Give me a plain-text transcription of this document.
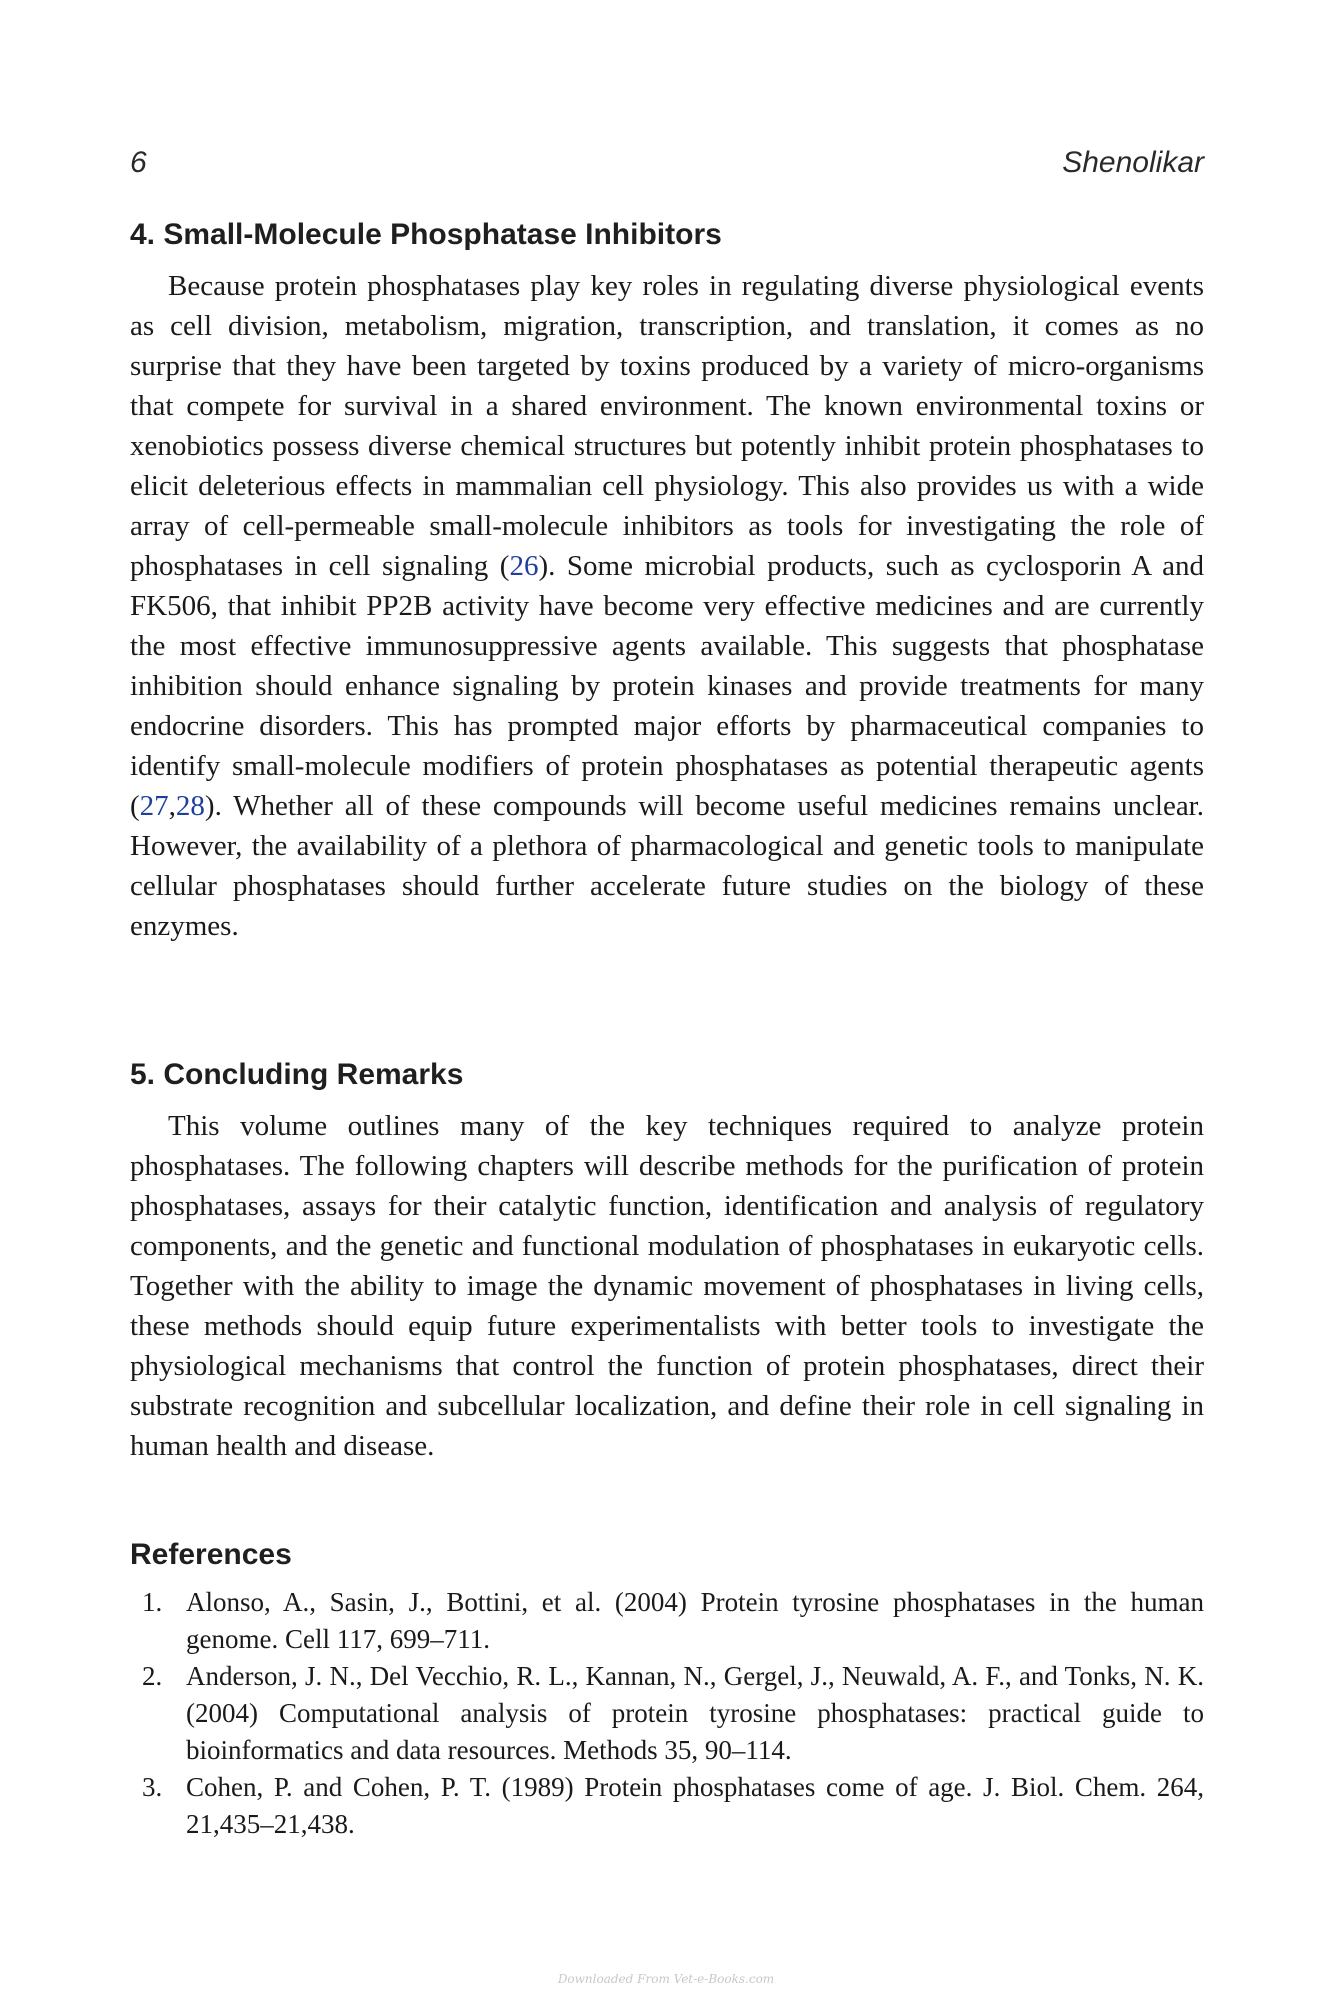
6	Shenolikar
4. Small-Molecule Phosphatase Inhibitors

Because protein phosphatases play key roles in regulating diverse physiological events as cell division, metabolism, migration, transcription, and translation, it comes as no surprise that they have been targeted by toxins produced by a variety of micro-organisms that compete for survival in a shared environment. The known environmental toxins or xenobiotics possess diverse chemical structures but potently inhibit protein phosphatases to elicit deleterious effects in mammalian cell physiology. This also provides us with a wide array of cell-permeable small-molecule inhibitors as tools for investigating the role of phosphatases in cell signaling (26). Some microbial products, such as cyclosporin A and FK506, that inhibit PP2B activity have become very effective medicines and are currently the most effective immunosuppressive agents available. This suggests that phosphatase inhibition should enhance signaling by protein kinases and provide treatments for many endocrine disorders. This has prompted major efforts by pharmaceutical companies to identify small-molecule modifiers of protein phosphatases as potential therapeutic agents (27,28). Whether all of these compounds will become useful medicines remains unclear. However, the availability of a plethora of pharmacological and genetic tools to manipulate cellular phosphatases should further accelerate future studies on the biology of these enzymes.

5. Concluding Remarks

This volume outlines many of the key techniques required to analyze protein phosphatases. The following chapters will describe methods for the purification of protein phosphatases, assays for their catalytic function, identification and analysis of regulatory components, and the genetic and functional modulation of phosphatases in eukaryotic cells. Together with the ability to image the dynamic movement of phosphatases in living cells, these methods should equip future experimentalists with better tools to investigate the physiological mechanisms that control the function of protein phosphatases, direct their substrate recognition and subcellular localization, and define their role in cell signaling in human health and disease.

References
1. Alonso, A., Sasin, J., Bottini, et al. (2004) Protein tyrosine phosphatases in the human genome. Cell 117, 699–711.
2. Anderson, J. N., Del Vecchio, R. L., Kannan, N., Gergel, J., Neuwald, A. F., and Tonks, N. K. (2004) Computational analysis of protein tyrosine phosphatases: practical guide to bioinformatics and data resources. Methods 35, 90–114.
3. Cohen, P. and Cohen, P. T. (1989) Protein phosphatases come of age. J. Biol. Chem. 264, 21,435–21,438.
Downloaded From Vet-e-Books.com
